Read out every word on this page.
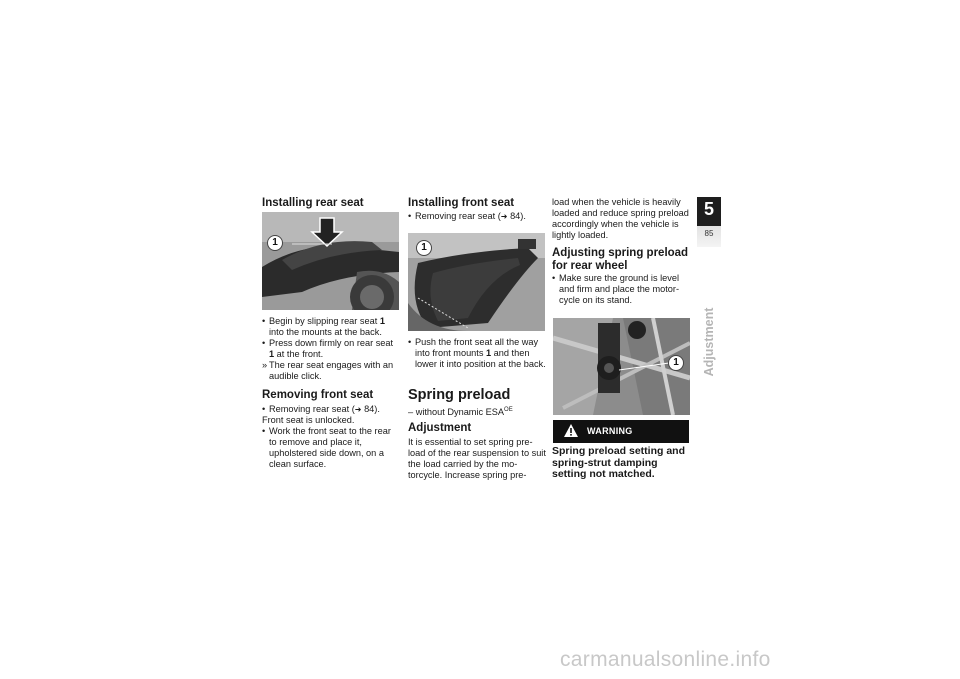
Installing rear seat
1
• Begin by slipping rear seat 1 into the mounts at the back.
• Press down firmly on rear seat 1 at the front.
» The rear seat engages with an audible click.
Removing front seat
• Removing rear seat (➜ 84).
Front seat is unlocked.
• Work the front seat to the rear to remove and place it, upholstered side down, on a clean surface.
Installing front seat
• Removing rear seat (➜ 84).
1
• Push the front seat all the way into front mounts 1 and then lower it into position at the back.
Spring preload
– without Dynamic $ESA^{OE}$
Adjustment
It is essential to set spring pre-load of the rear suspension to suit the load carried by the mo-torcycle. Increase spring pre-
load when the vehicle is heavily loaded and reduce spring preload accordingly when the vehicle is lightly loaded.
Adjusting spring preload for rear wheel
• Make sure the ground is level and firm and place the motor-cycle on its stand.
1
Spring preload setting and spring-strut damping setting not matched.
WARNING
5
85
Adjustment
carmanualsonline.info
